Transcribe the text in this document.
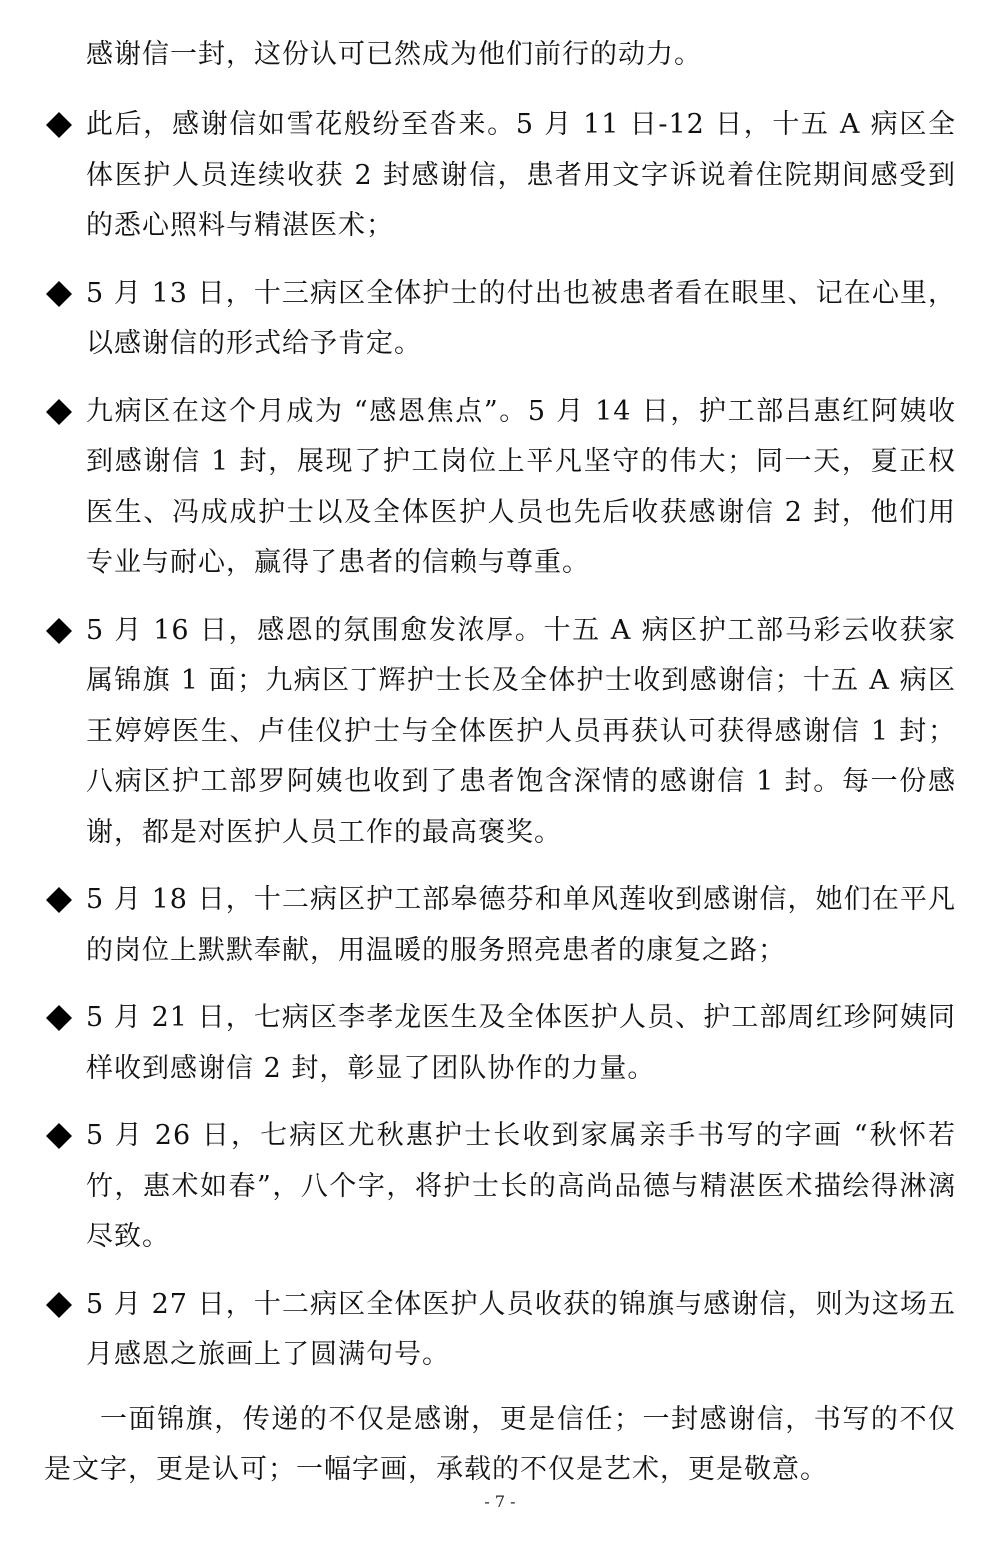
感谢信一封，这份认可已然成为他们前行的动力。

此后，感谢信如雪花般纷至沓来。5 月 11 日-12 日，十五 A 病区全体医护人员连续收获 2 封感谢信，患者用文字诉说着住院期间感受到的悉心照料与精湛医术；
5 月 13 日，十三病区全体护士的付出也被患者看在眼里、记在心里，以感谢信的形式给予肯定。
九病区在这个月成为 “感恩焦点”。5 月 14 日，护工部吕惠红阿姨收到感谢信 1 封，展现了护工岗位上平凡坚守的伟大；同一天，夏正权医生、冯成成护士以及全体医护人员也先后收获感谢信 2 封，他们用专业与耐心，赢得了患者的信赖与尊重。
5 月 16 日，感恩的氛围愈发浓厚。十五 A 病区护工部马彩云收获家属锦旗 1 面；九病区丁辉护士长及全体护士收到感谢信；十五 A 病区王婷婷医生、卢佳仪护士与全体医护人员再获认可获得感谢信 1 封；八病区护工部罗阿姨也收到了患者饱含深情的感谢信 1 封。每一份感谢，都是对医护人员工作的最高褒奖。
5 月 18 日，十二病区护工部皋德芬和单风莲收到感谢信，她们在平凡的岗位上默默奉献，用温暖的服务照亮患者的康复之路；
5 月 21 日，七病区李孝龙医生及全体医护人员、护工部周红珍阿姨同样收到感谢信 2 封，彰显了团队协作的力量。
5 月 26 日，七病区尤秋惠护士长收到家属亲手书写的字画 “秋怀若竹，惠术如春”，八个字，将护士长的高尚品德与精湛医术描绘得淋漓尽致。
5 月 27 日，十二病区全体医护人员收获的锦旗与感谢信，则为这场五月感恩之旅画上了圆满句号。

一面锦旗，传递的不仅是感谢，更是信任；一封感谢信，书写的不仅是文字，更是认可；一幅字画，承载的不仅是艺术，更是敬意。

- 7 -
